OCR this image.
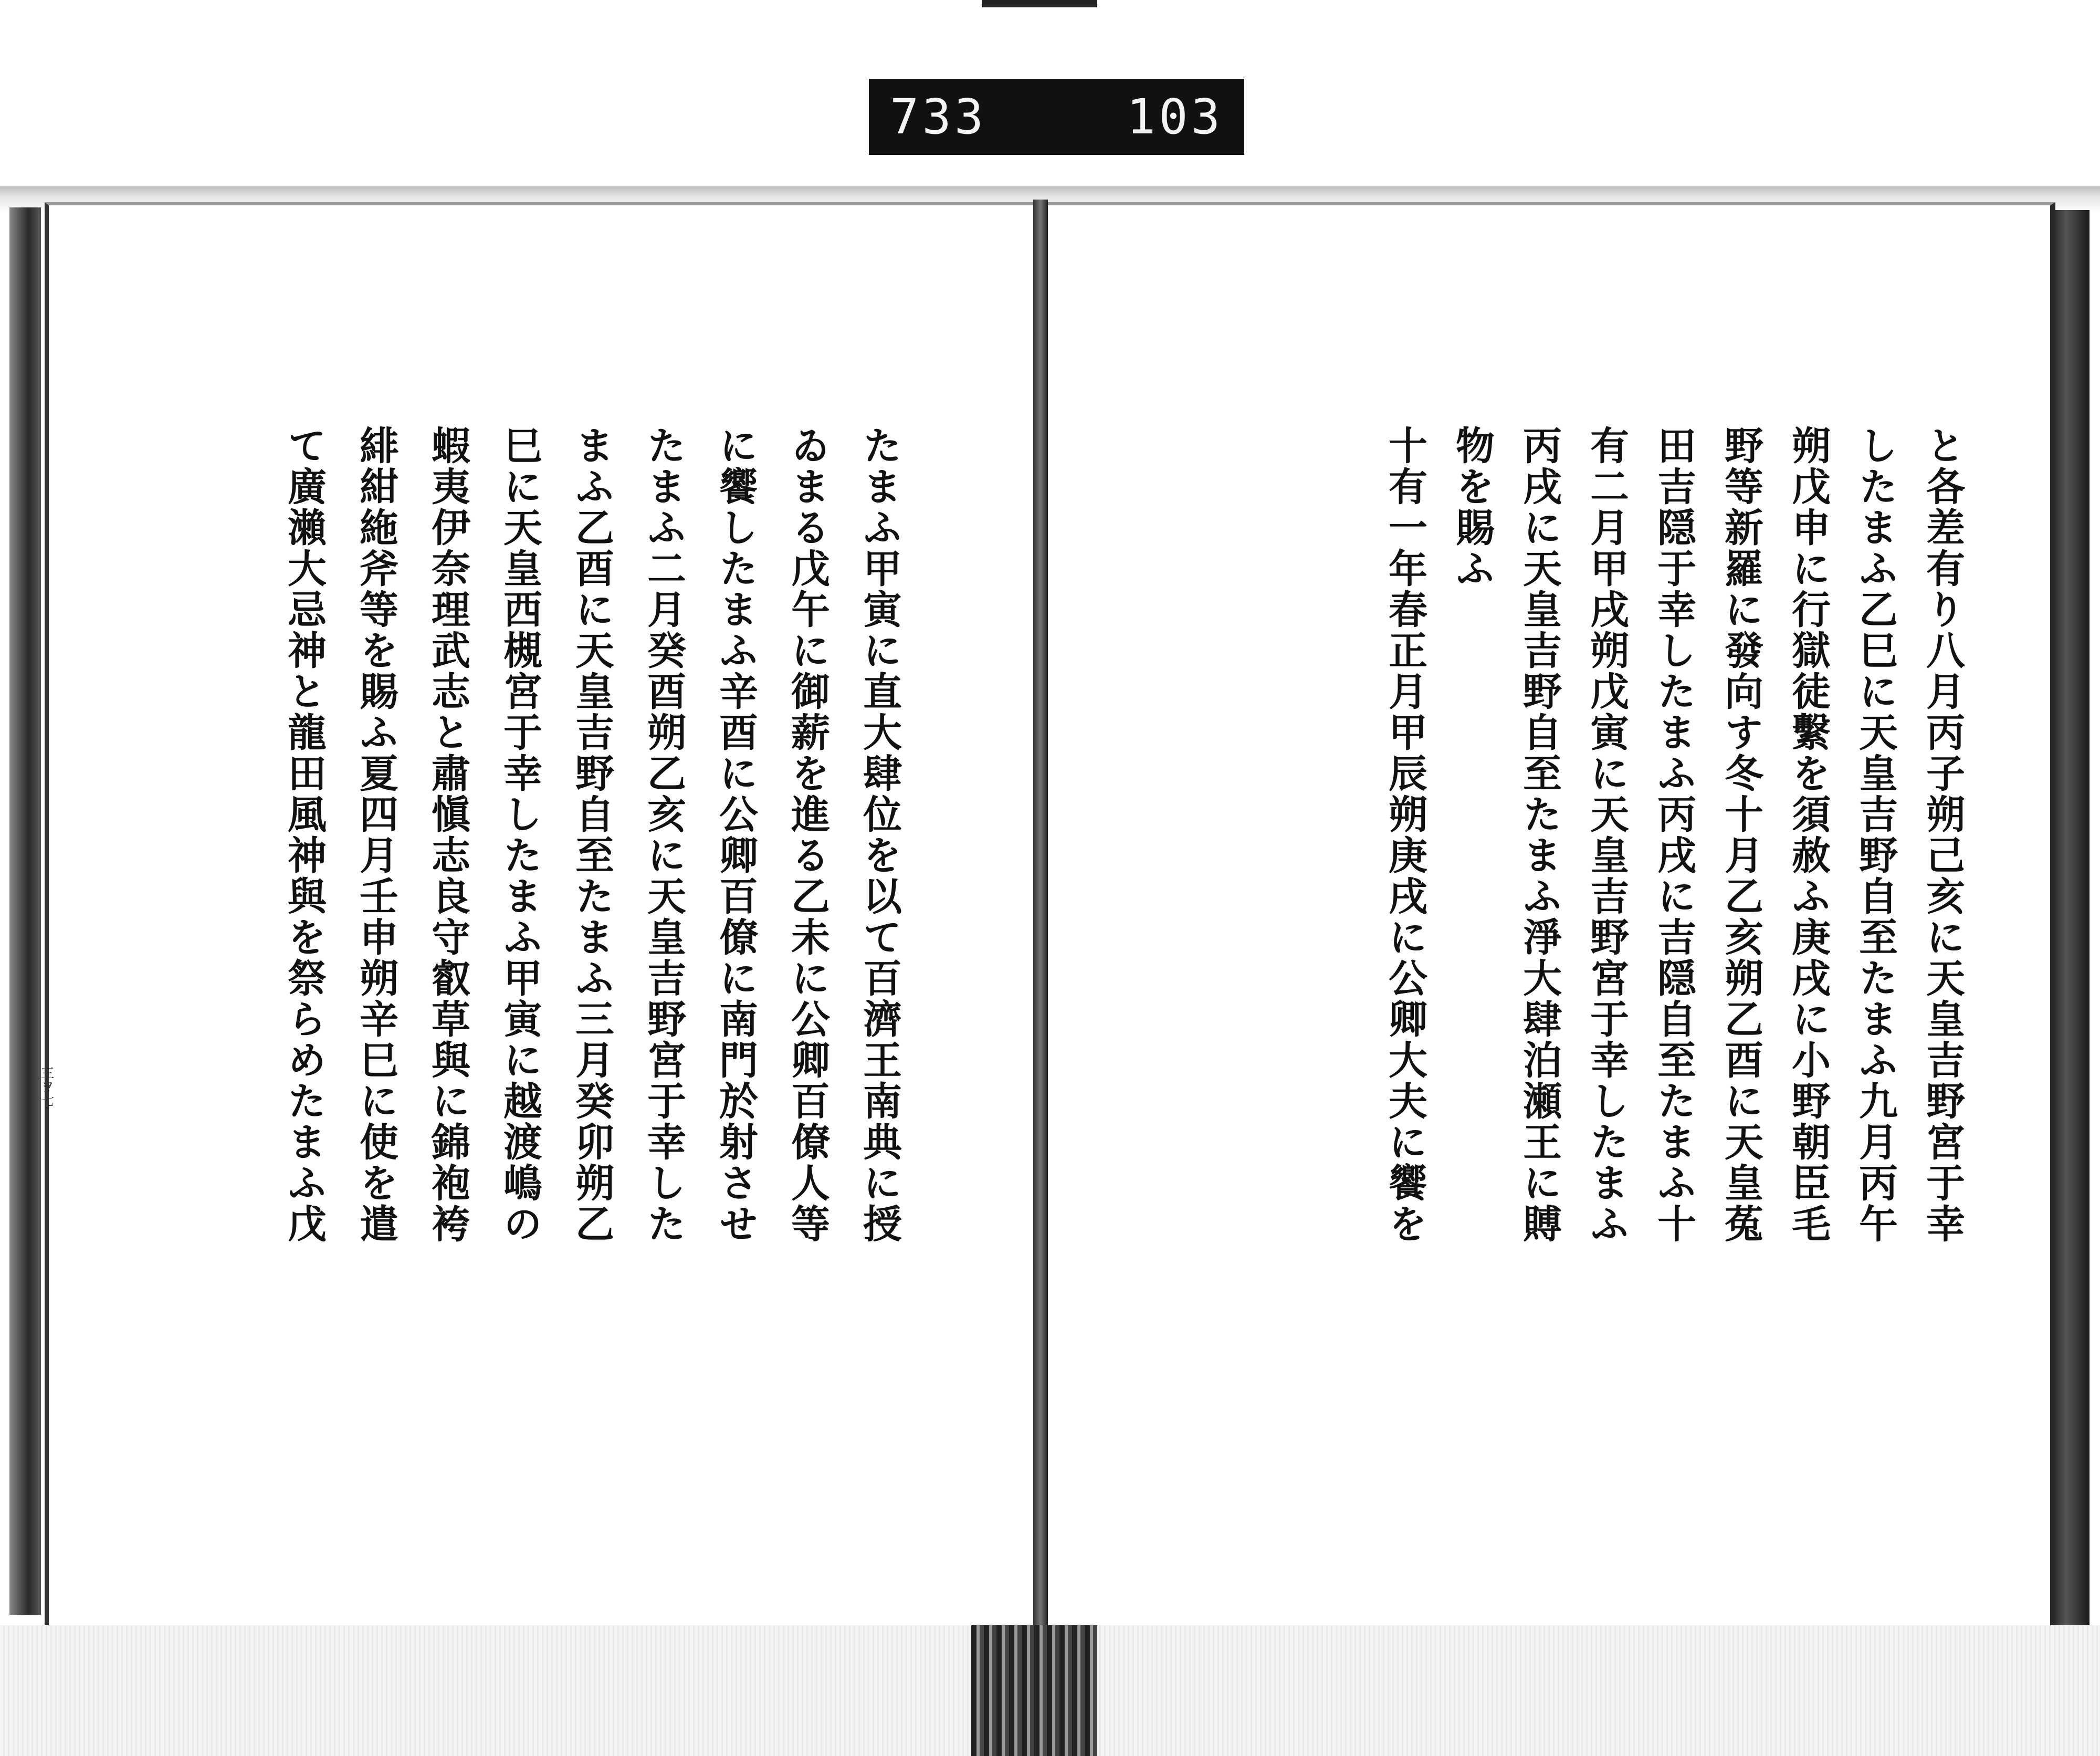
733	103
と各差有り八月丙子朔己亥に天皇吉野宮于幸
したまふ乙巳に天皇吉野自至たまふ九月丙午
朔戊申に行獄徒繫を須赦ふ庚戌に小野朝臣毛
野等新羅に發向す冬十月乙亥朔乙酉に天皇菟
田吉隠于幸したまふ丙戌に吉隠自至たまふ十
有二月甲戌朔戊寅に天皇吉野宮于幸したまふ
丙戌に天皇吉野自至たまふ淨大肆泊瀬王に賻
物を賜ふ
十有一年春正月甲辰朔庚戌に公卿大夫に饗を
たまふ甲寅に直大肆位を以て百濟王南典に授
ゐまる戊午に御薪を進る乙未に公卿百僚人等
に饗したまふ辛酉に公卿百僚に南門於射させ
たまふ二月癸酉朔乙亥に天皇吉野宮于幸した
まふ乙酉に天皇吉野自至たまふ三月癸卯朔乙
巳に天皇西槻宮于幸したまふ甲寅に越渡嶋の
蝦夷伊奈理武志と肅愼志良守叡草與に錦袍袴
緋紺絁斧等を賜ふ夏四月壬申朔辛巳に使を遣
て廣瀨大忌神と龍田風神與を祭らめたまふ戊
三ヲ七
